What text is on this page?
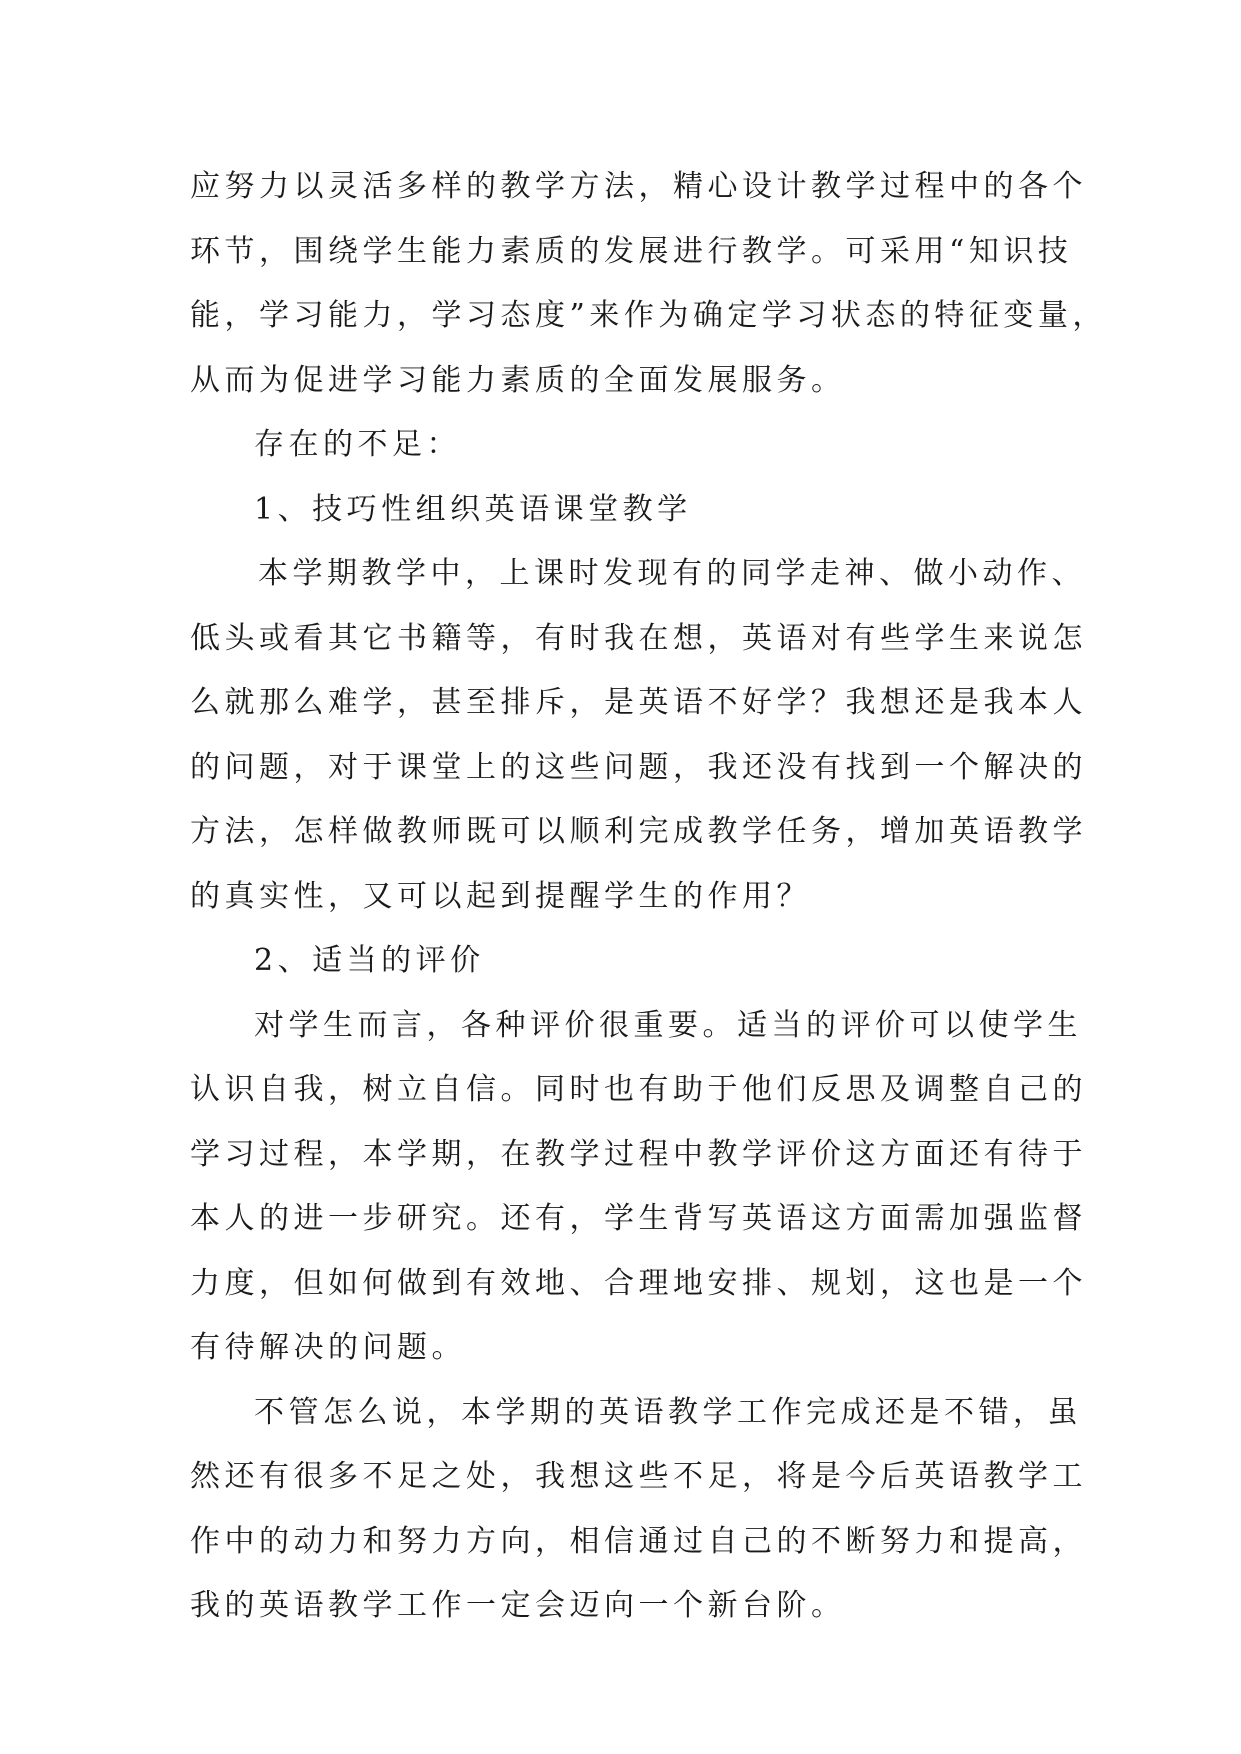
应努力以灵活多样的教学方法，精心设计教学过程中的各个
环节，围绕学生能力素质的发展进行教学。可采用“知识技
能，学习能力，学习态度”来作为确定学习状态的特征变量，
从而为促进学习能力素质的全面发展服务。
存在的不足：
1、技巧性组织英语课堂教学
本学期教学中，上课时发现有的同学走神、做小动作、
低头或看其它书籍等，有时我在想，英语对有些学生来说怎
么就那么难学，甚至排斥，是英语不好学？我想还是我本人
的问题，对于课堂上的这些问题，我还没有找到一个解决的
方法，怎样做教师既可以顺利完成教学任务，增加英语教学
的真实性，又可以起到提醒学生的作用？
2、适当的评价
对学生而言，各种评价很重要。适当的评价可以使学生
认识自我，树立自信。同时也有助于他们反思及调整自己的
学习过程，本学期，在教学过程中教学评价这方面还有待于
本人的进一步研究。还有，学生背写英语这方面需加强监督
力度，但如何做到有效地、合理地安排、规划，这也是一个
有待解决的问题。
不管怎么说，本学期的英语教学工作完成还是不错，虽
然还有很多不足之处，我想这些不足，将是今后英语教学工
作中的动力和努力方向，相信通过自己的不断努力和提高，
我的英语教学工作一定会迈向一个新台阶。
